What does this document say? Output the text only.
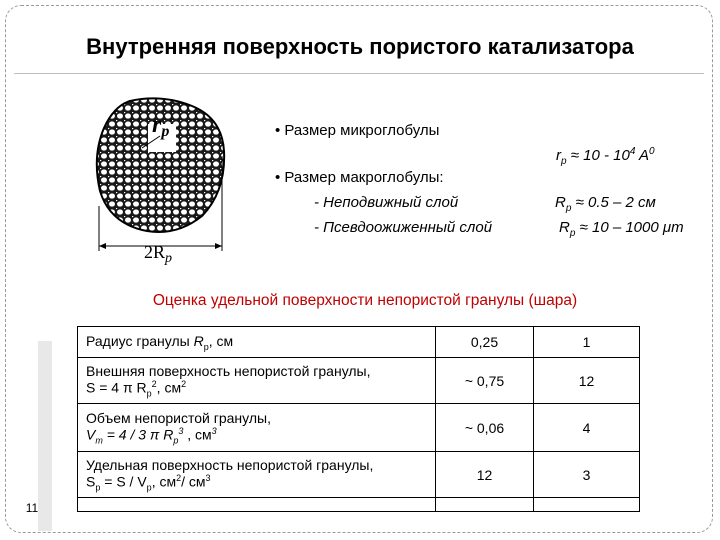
Внутренняя поверхность пористого катализатора
rp
$2R_p$
• Размер микроглобулы
$r_p \approx 10 - 10^4$ $A^0$
• Размер макроглобулы:
- Неподвижный слой	$R_p \approx 0.5 - 2$ см
- Псевдоожиженный слой	$R_p \approx 10 - 1000$ μm
Оценка удельной поверхности непористой гранулы (шара)
Радиус гранулы $R_p$, см	0,25	1

Внешняя поверхность непористой гранулы,
S = 4 π $R_p^2$, $см^2$	~ 0,75	12

Объем непористой гранулы,
$V_m = 4 / 3$ π $R_p^3$ , $см^3$	~ 0,06	4

Удельная поверхность непористой гранулы,
$S_p = S / V_p$, $см^2/$ $см^3$	12	3

11
